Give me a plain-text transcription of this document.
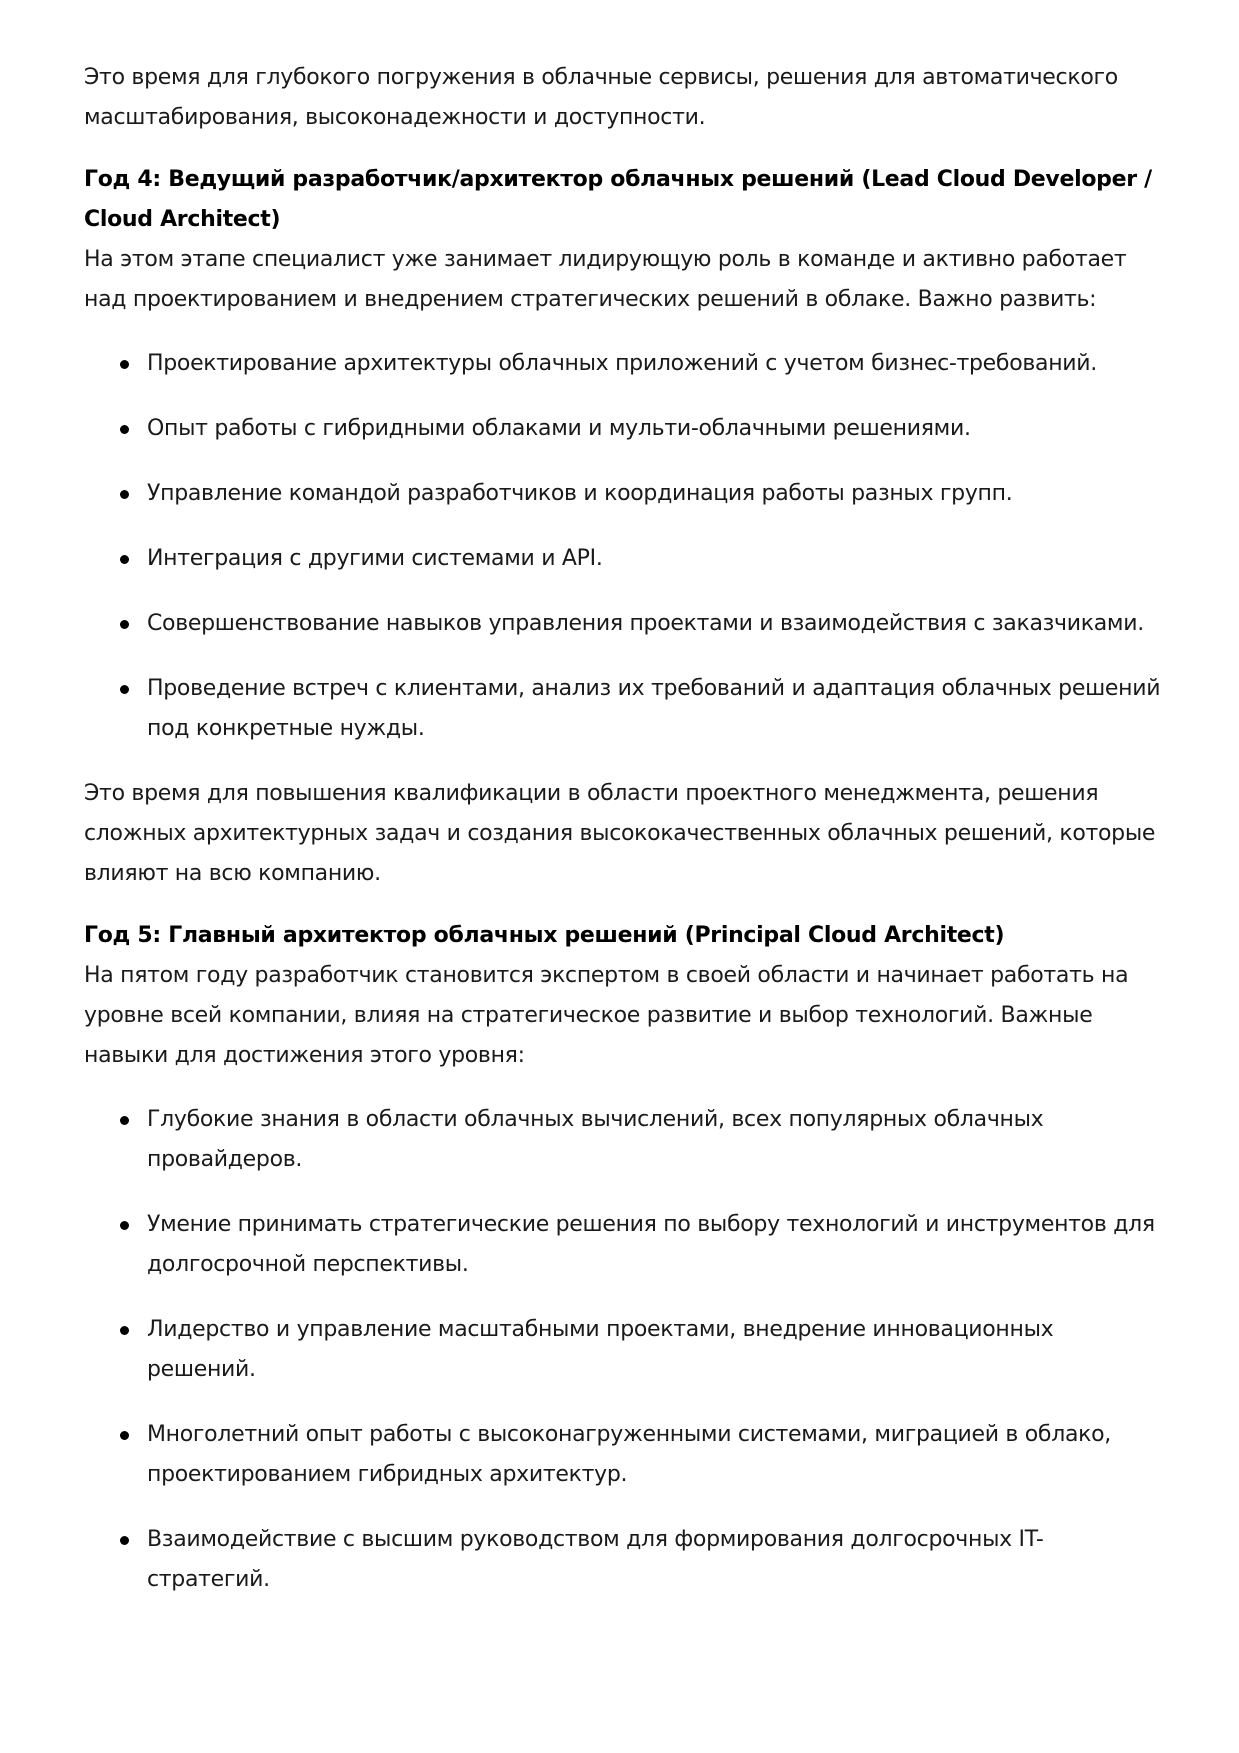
Это время для глубокого погружения в облачные сервисы, решения для автоматического масштабирования, высоконадежности и доступности.

Год 4: Ведущий разработчик/архитектор облачных решений (Lead Cloud Developer / Cloud Architect)

На этом этапе специалист уже занимает лидирующую роль в команде и активно работает над проектированием и внедрением стратегических решений в облаке. Важно развить:

Проектирование архитектуры облачных приложений с учетом бизнес-требований.
Опыт работы с гибридными облаками и мульти-облачными решениями.
Управление командой разработчиков и координация работы разных групп.
Интеграция с другими системами и API.
Совершенствование навыков управления проектами и взаимодействия с заказчиками.
Проведение встреч с клиентами, анализ их требований и адаптация облачных решений под конкретные нужды.

Это время для повышения квалификации в области проектного менеджмента, решения сложных архитектурных задач и создания высококачественных облачных решений, которые влияют на всю компанию.

Год 5: Главный архитектор облачных решений (Principal Cloud Architect)

На пятом году разработчик становится экспертом в своей области и начинает работать на уровне всей компании, влияя на стратегическое развитие и выбор технологий. Важные навыки для достижения этого уровня:

Глубокие знания в области облачных вычислений, всех популярных облачных провайдеров.
Умение принимать стратегические решения по выбору технологий и инструментов для долгосрочной перспективы.
Лидерство и управление масштабными проектами, внедрение инновационных решений.
Многолетний опыт работы с высоконагруженными системами, миграцией в облако, проектированием гибридных архитектур.
Взаимодействие с высшим руководством для формирования долгосрочных IT-стратегий.
